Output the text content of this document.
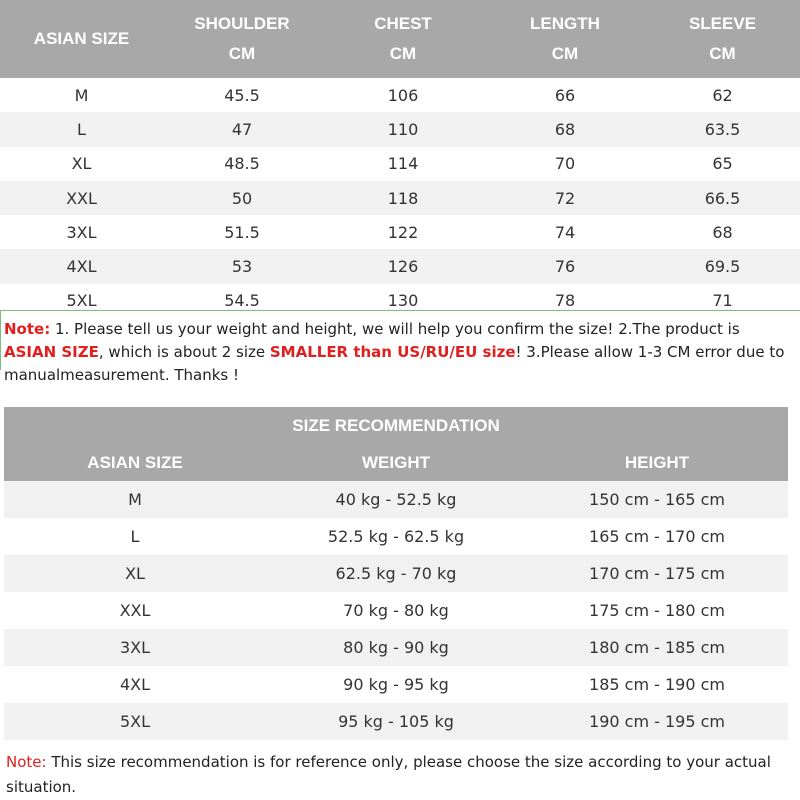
ASIAN SIZE	SHOULDER	CHEST	LENGTH	SLEEVE
	CM	CM	CM	CM
M	45.5	106	66	62
L	47	110	68	63.5
XL	48.5	114	70	65
XXL	50	118	72	66.5
3XL	51.5	122	74	68
4XL	53	126	76	69.5
5XL	54.5	130	78	71
Note: 1. Please tell us your weight and height, we will help you confirm the size! 2.The product is ASIAN SIZE, which is about 2 size SMALLER than US/RU/EU size! 3.Please allow 1-3 CM error due to manualmeasurement. Thanks !
SIZE RECOMMENDATION		
ASIAN SIZE	WEIGHT	HEIGHT
M	40 kg - 52.5 kg	150 cm - 165 cm
L	52.5 kg - 62.5 kg	165 cm - 170 cm
XL	62.5 kg - 70 kg	170 cm - 175 cm
XXL	70 kg - 80 kg	175 cm - 180 cm
3XL	80 kg - 90 kg	180 cm - 185 cm
4XL	90 kg - 95 kg	185 cm - 190 cm
5XL	95 kg - 105 kg	190 cm - 195 cm
Note: This size recommendation is for reference only, please choose the size according to your actual situation.
